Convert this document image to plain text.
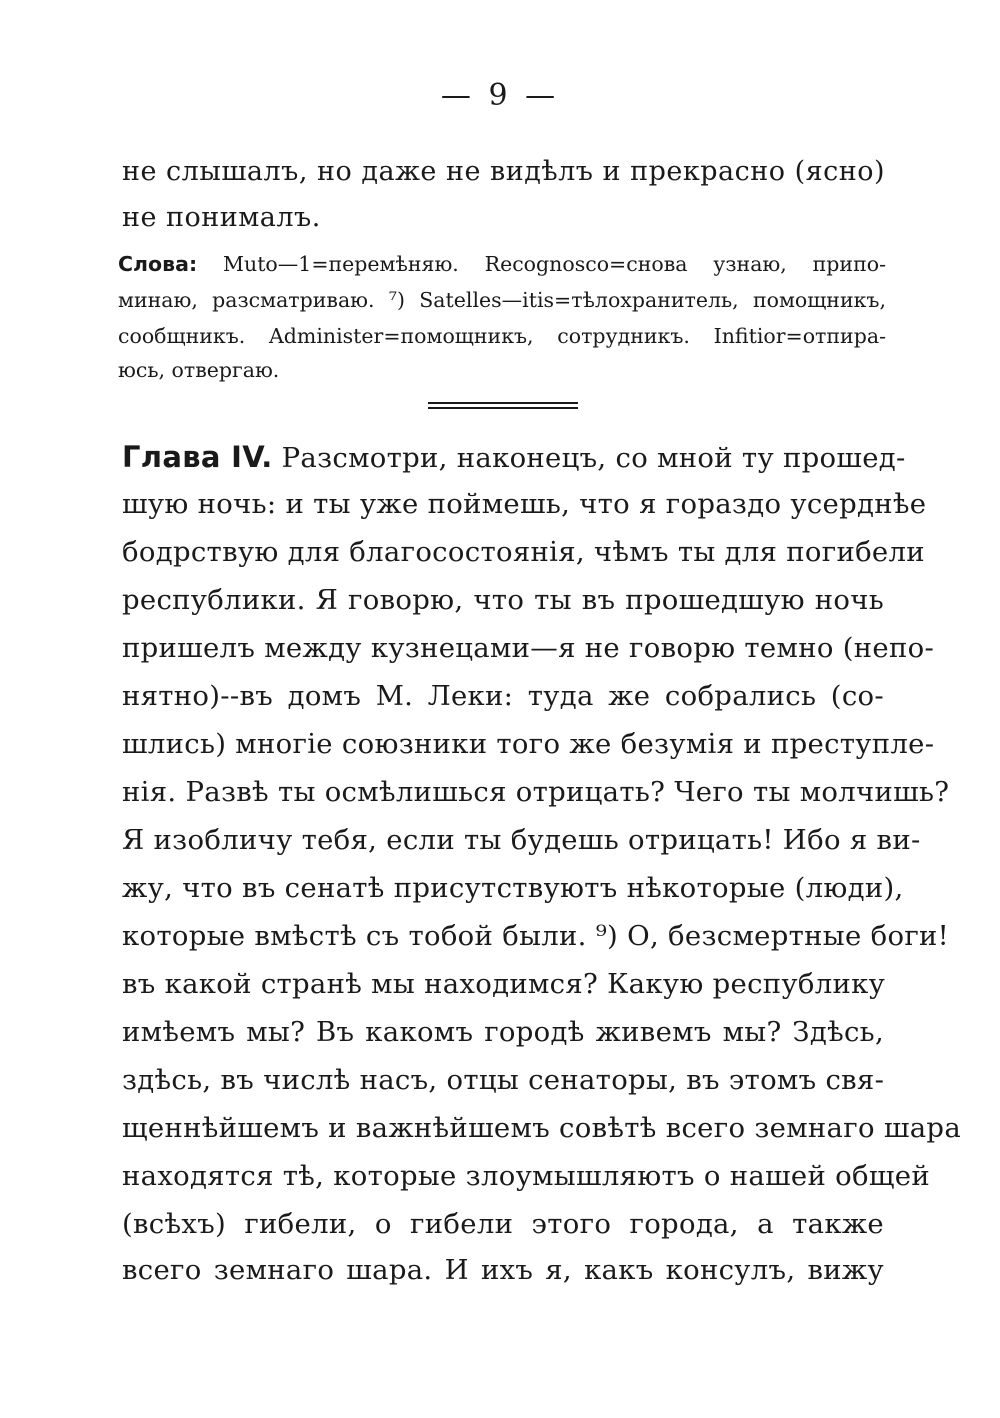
— 9 —
не слышалъ, но даже не видѣлъ и прекрасно (ясно)
не понималъ.
Слова: Muto—1=перемѣняю. Recognosco=снова узнаю, припо-
минаю, разсматриваю. ⁷) Satelles—itis=тѣлохранитель, помощникъ,
сообщникъ. Administer=помощникъ, сотрудникъ. Infitior=отпира-
юсь, отвергаю.
Глава IV. Разсмотри, наконецъ, со мной ту прошед-
шую ночь: и ты уже поймешь, что я гораздо усерднѣе
бодрствую для благосостоянія, чѣмъ ты для погибели
республики. Я говорю, что ты въ прошедшую ночь
пришелъ между кузнецами—я не говорю темно (непо-
нятно)--въ домъ М. Леки: туда же собрались (со-
шлись) многіе союзники того же безумія и преступле-
нія. Развѣ ты осмѣлишься отрицать? Чего ты молчишь?
Я изобличу тебя, если ты будешь отрицать! Ибо я ви-
жу, что въ сенатѣ присутствуютъ нѣкоторые (люди),
которые вмѣстѣ съ тобой были. ⁹) О, безсмертные боги!
въ какой странѣ мы находимся? Какую республику
имѣемъ мы? Въ какомъ городѣ живемъ мы? Здѣсь,
здѣсь, въ числѣ насъ, отцы сенаторы, въ этомъ свя-
щеннѣйшемъ и важнѣйшемъ совѣтѣ всего земнаго шара
находятся тѣ, которые злоумышляютъ о нашей общей
(всѣхъ) гибели, о гибели этого города, а также
всего земнаго шара. И ихъ я, какъ консулъ, вижу
